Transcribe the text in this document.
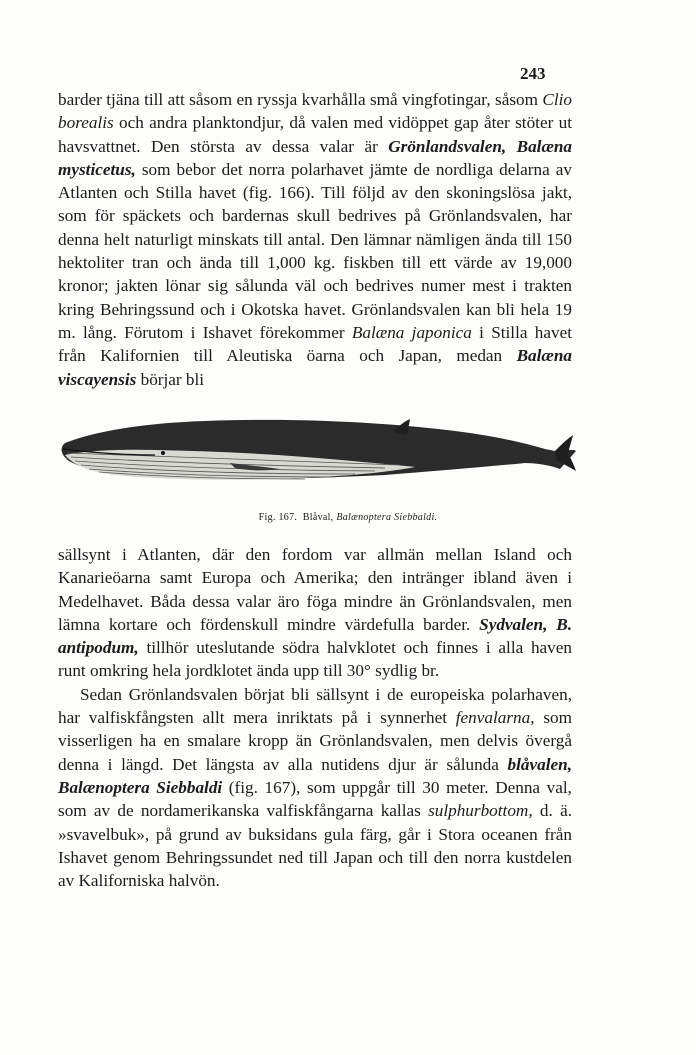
243

barder tjäna till att såsom en ryssja kvarhålla små vingfotingar, såsom Clio borealis och andra planktondjur, då valen med vidöppet gap åter stöter ut havsvattnet. Den största av dessa valar är Grönlandsvalen, Balæna mysticetus, som bebor det norra polarhavet jämte de nordliga delarna av Atlanten och Stilla havet (fig. 166). Till följd av den skoningslösa jakt, som för späckets och bardernas skull bedrives på Grönlandsvalen, har denna helt naturligt minskats till antal. Den lämnar nämligen ända till 150 hektoliter tran och ända till 1,000 kg. fiskben till ett värde av 19,000 kronor; jakten lönar sig sålunda väl och bedrives numer mest i trakten kring Behringssund och i Okotska havet. Grönlandsvalen kan bli hela 19 m. lång. Förutom i Ishavet förekommer Balæna japonica i Stilla havet från Kalifornien till Aleutiska öarna och Japan, medan Balæna viscayensis börjar bli

Fig. 167. Blåval, Balænoptera Siebbaldi.

sällsynt i Atlanten, där den fordom var allmän mellan Island och Kanarieöarna samt Europa och Amerika; den intränger ibland även i Medelhavet. Båda dessa valar äro föga mindre än Grönlandsvalen, men lämna kortare och fördenskull mindre värdefulla barder. Sydvalen, B. antipodum, tillhör uteslutande södra halvklotet och finnes i alla haven runt omkring hela jordklotet ända upp till 30° sydlig br.

Sedan Grönlandsvalen börjat bli sällsynt i de europeiska polarhaven, har valfiskfångsten allt mera inriktats på i synnerhet fenvalarna, som visserligen ha en smalare kropp än Grönlandsvalen, men delvis övergå denna i längd. Det längsta av alla nutidens djur är sålunda blåvalen, Balænoptera Siebbaldi (fig. 167), som uppgår till 30 meter. Denna val, som av de nordamerikanska valfiskfångarna kallas sulphurbottom, d. ä. »svavelbuk», på grund av buksidans gula färg, går i Stora oceanen från Ishavet genom Behringssundet ned till Japan och till den norra kustdelen av Kaliforniska halvön.
